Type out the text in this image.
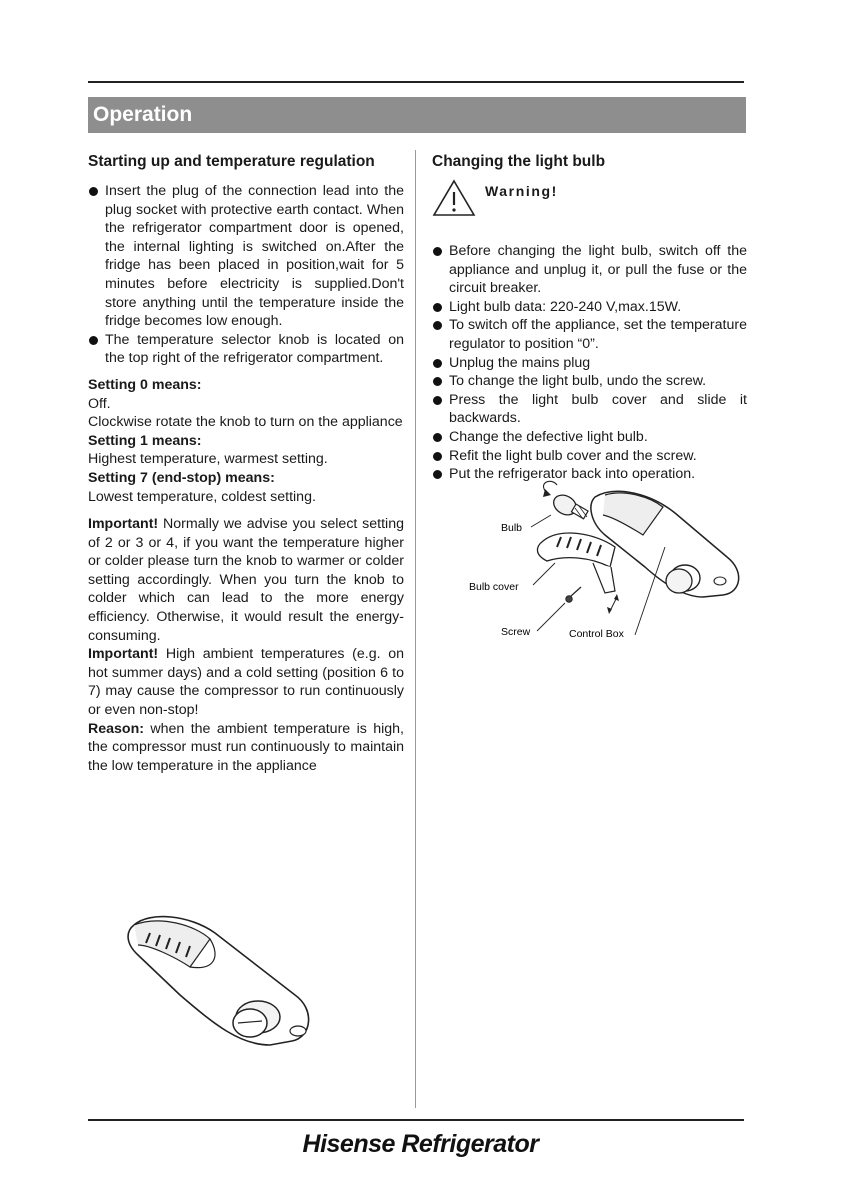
Operation
Starting up and temperature regulation
Insert the plug of the connection lead into the plug socket with protective earth contact. When the refrigerator compartment door is opened, the internal lighting is switched on.After the fridge has been placed in position,wait for 5 minutes before electricity is supplied.Don't store anything until the temperature inside the fridge becomes low enough.
The temperature selector knob is located on the top right of the refrigerator compartment.

Setting 0 means:

Off.

Clockwise rotate the knob to turn on the appliance

Setting 1 means:

Highest temperature, warmest setting.

Setting 7 (end-stop) means:

Lowest temperature, coldest setting.

Important! Normally we advise you select setting of 2 or 3 or 4, if you want the temperature higher or colder please turn the knob to warmer or colder setting accordingly. When you turn the knob to colder which can lead to the more energy efficiency. Otherwise, it would result the energy-consuming.

Important! High ambient temperatures (e.g. on hot summer days) and a cold setting (position 6 to 7) may cause the compressor to run continuously or even non-stop!

Reason: when the ambient temperature is high, the compressor must run continuously to maintain the low temperature in the appliance

Changing the light bulb
Warning!
Before changing the light bulb, switch off the appliance and unplug it, or pull the fuse or the circuit breaker.
Light bulb data: 220-240 V,max.15W.
To switch off the appliance, set the temperature regulator to position “0”.
Unplug the mains plug
To change the light bulb, undo the screw.
Press the light bulb cover and slide it backwards.
Change the defective light bulb.
Refit the light bulb cover and the screw.
Put the refrigerator back into operation.
Bulb
Bulb cover
Screw	Control Box
Hisense Refrigerator
